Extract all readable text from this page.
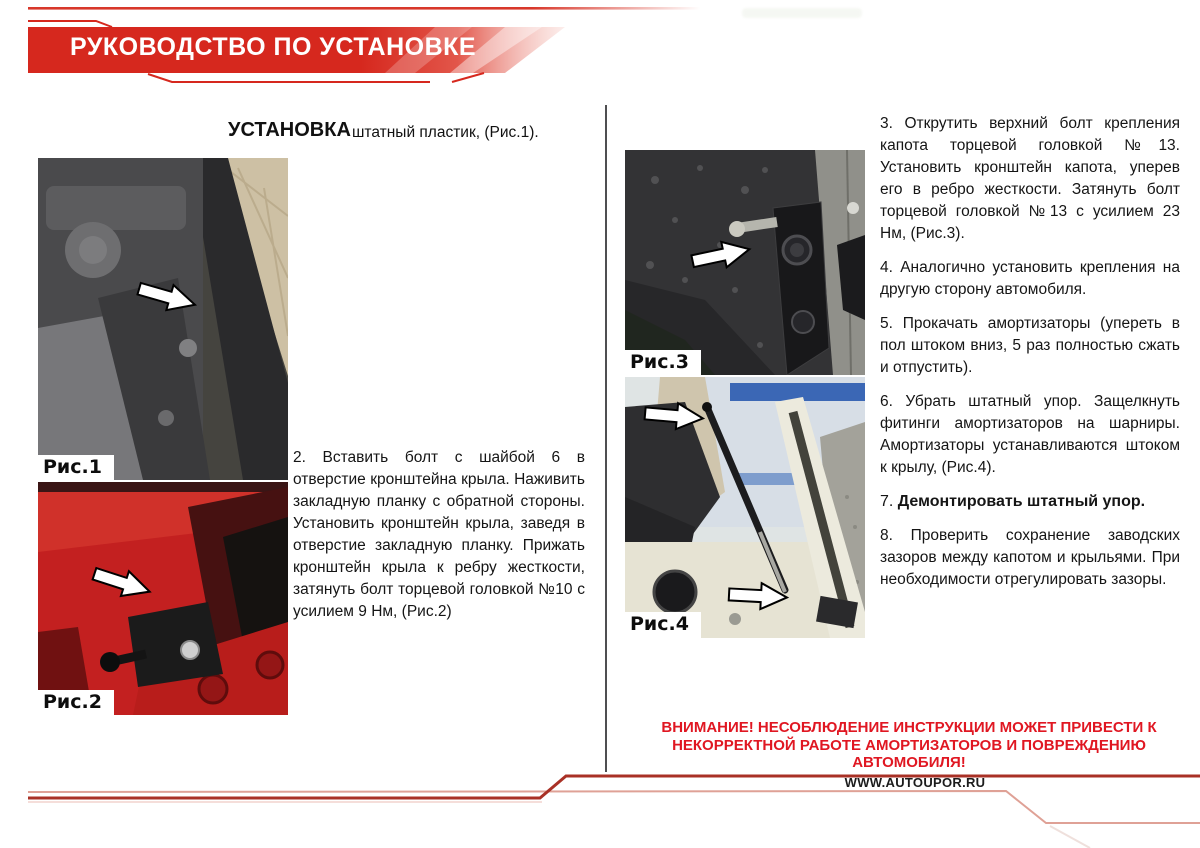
РУКОВОДСТВО ПО УСТАНОВКЕ
УСТАНОВКА штатный пластик, (Рис.1).
Рис.1
Рис.2

2. Вставить болт с шайбой 6 в отверстие кронштейна крыла. Наживить закладную планку с обратной стороны. Установить кронштейн крыла, заведя в отверстие закладную планку. Прижать кронштейн крыла к ребру жесткости, затянуть болт торцевой головкой №10 с усилием 9 Нм, (Рис.2)

Рис.3
Рис.4

3. Открутить верхний болт крепления капота торцевой головкой №13. Установить кронштейн капота, уперев его в ребро жесткости. Затянуть болт торцевой головкой №13 с усилием 23 Нм, (Рис.3).

4. Аналогично установить крепления на другую сторону автомобиля.

5. Прокачать амортизаторы (упереть в пол штоком вниз, 5 раз полностью сжать и отпустить).

6. Убрать штатный упор. Защелкнуть фитинги амортизаторов на шарниры. Амортизаторы устанавливаются штоком к крылу, (Рис.4).

7. Демонтировать штатный упор.

8. Проверить сохранение заводских зазоров между капотом и крыльями. При необходимости отрегулировать зазоры.

ВНИМАНИЕ! НЕСОБЛЮДЕНИЕ ИНСТРУКЦИИ МОЖЕТ ПРИВЕСТИ К
НЕКОРРЕКТНОЙ РАБОТЕ АМОРТИЗАТОРОВ И ПОВРЕЖДЕНИЮ
АВТОМОБИЛЯ!
WWW.AUTOUPOR.RU
